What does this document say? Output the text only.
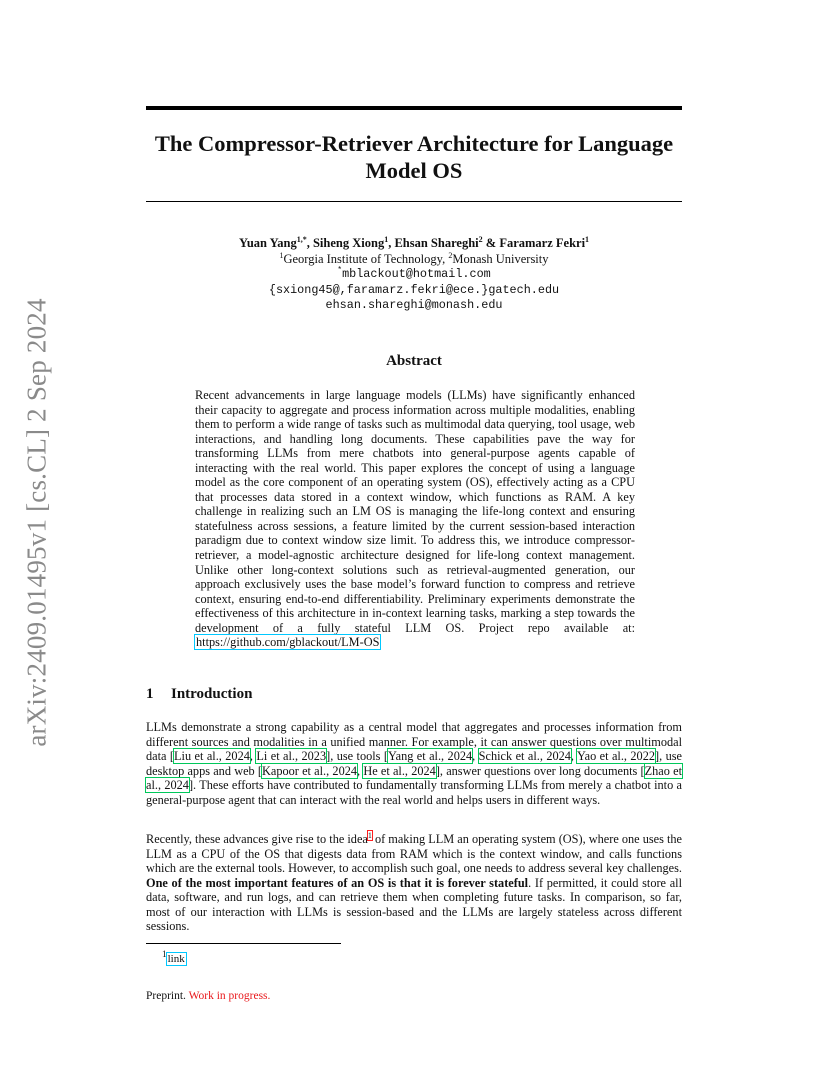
arXiv:2409.01495v1 [cs.CL] 2 Sep 2024
The Compressor-Retriever Architecture for Language Model OS
Yuan Yang$^{1,*}$, Siheng Xiong$^1$, Ehsan Shareghi$^2$ & Faramarz Fekri$^1$
$^1$Georgia Institute of Technology, $^2$Monash University
*mblackout@hotmail.com
{sxiong45@,faramarz.fekri@ece.}gatech.edu
ehsan.shareghi@monash.edu
Abstract

Recent advancements in large language models (LLMs) have significantly enhanced their capacity to aggregate and process information across multiple modalities, enabling them to perform a wide range of tasks such as multimodal data querying, tool usage, web interactions, and handling long documents. These capabilities pave the way for transforming LLMs from mere chatbots into general-purpose agents capable of interacting with the real world. This paper explores the concept of using a language model as the core component of an operating system (OS), effectively acting as a CPU that processes data stored in a context window, which functions as RAM. A key challenge in realizing such an LM OS is managing the life-long context and ensuring statefulness across sessions, a feature limited by the current session-based interaction paradigm due to context window size limit. To address this, we introduce compressor-retriever, a model-agnostic architecture designed for life-long context management. Unlike other long-context solutions such as retrieval-augmented generation, our approach exclusively uses the base model’s forward function to compress and retrieve context, ensuring end-to-end differentiability. Preliminary experiments demonstrate the effectiveness of this architecture in in-context learning tasks, marking a step towards the development of a fully stateful LLM OS. Project repo available at: https://github.com/gblackout/LM-OS

1 Introduction

LLMs demonstrate a strong capability as a central model that aggregates and processes information from different sources and modalities in a unified manner. For example, it can answer questions over multimodal data [Liu et al., 2024, Li et al., 2023], use tools [Yang et al., 2024, Schick et al., 2024, Yao et al., 2022], use desktop apps and web [Kapoor et al., 2024, He et al., 2024], answer questions over long documents [Zhao et al., 2024]. These efforts have contributed to fundamentally transforming LLMs from merely a chatbot into a general-purpose agent that can interact with the real world and helps users in different ways.

Recently, these advances give rise to the idea$^1$ of making LLM an operating system (OS), where one uses the LLM as a CPU of the OS that digests data from RAM which is the context window, and calls functions which are the external tools. However, to accomplish such goal, one needs to address several key challenges. One of the most important features of an OS is that it is forever stateful. If permitted, it could store all data, software, and run logs, and can retrieve them when completing future tasks. In comparison, so far, most of our interaction with LLMs is session-based and the LLMs are largely stateless across different sessions.

$^1$link
Preprint. Work in progress.
